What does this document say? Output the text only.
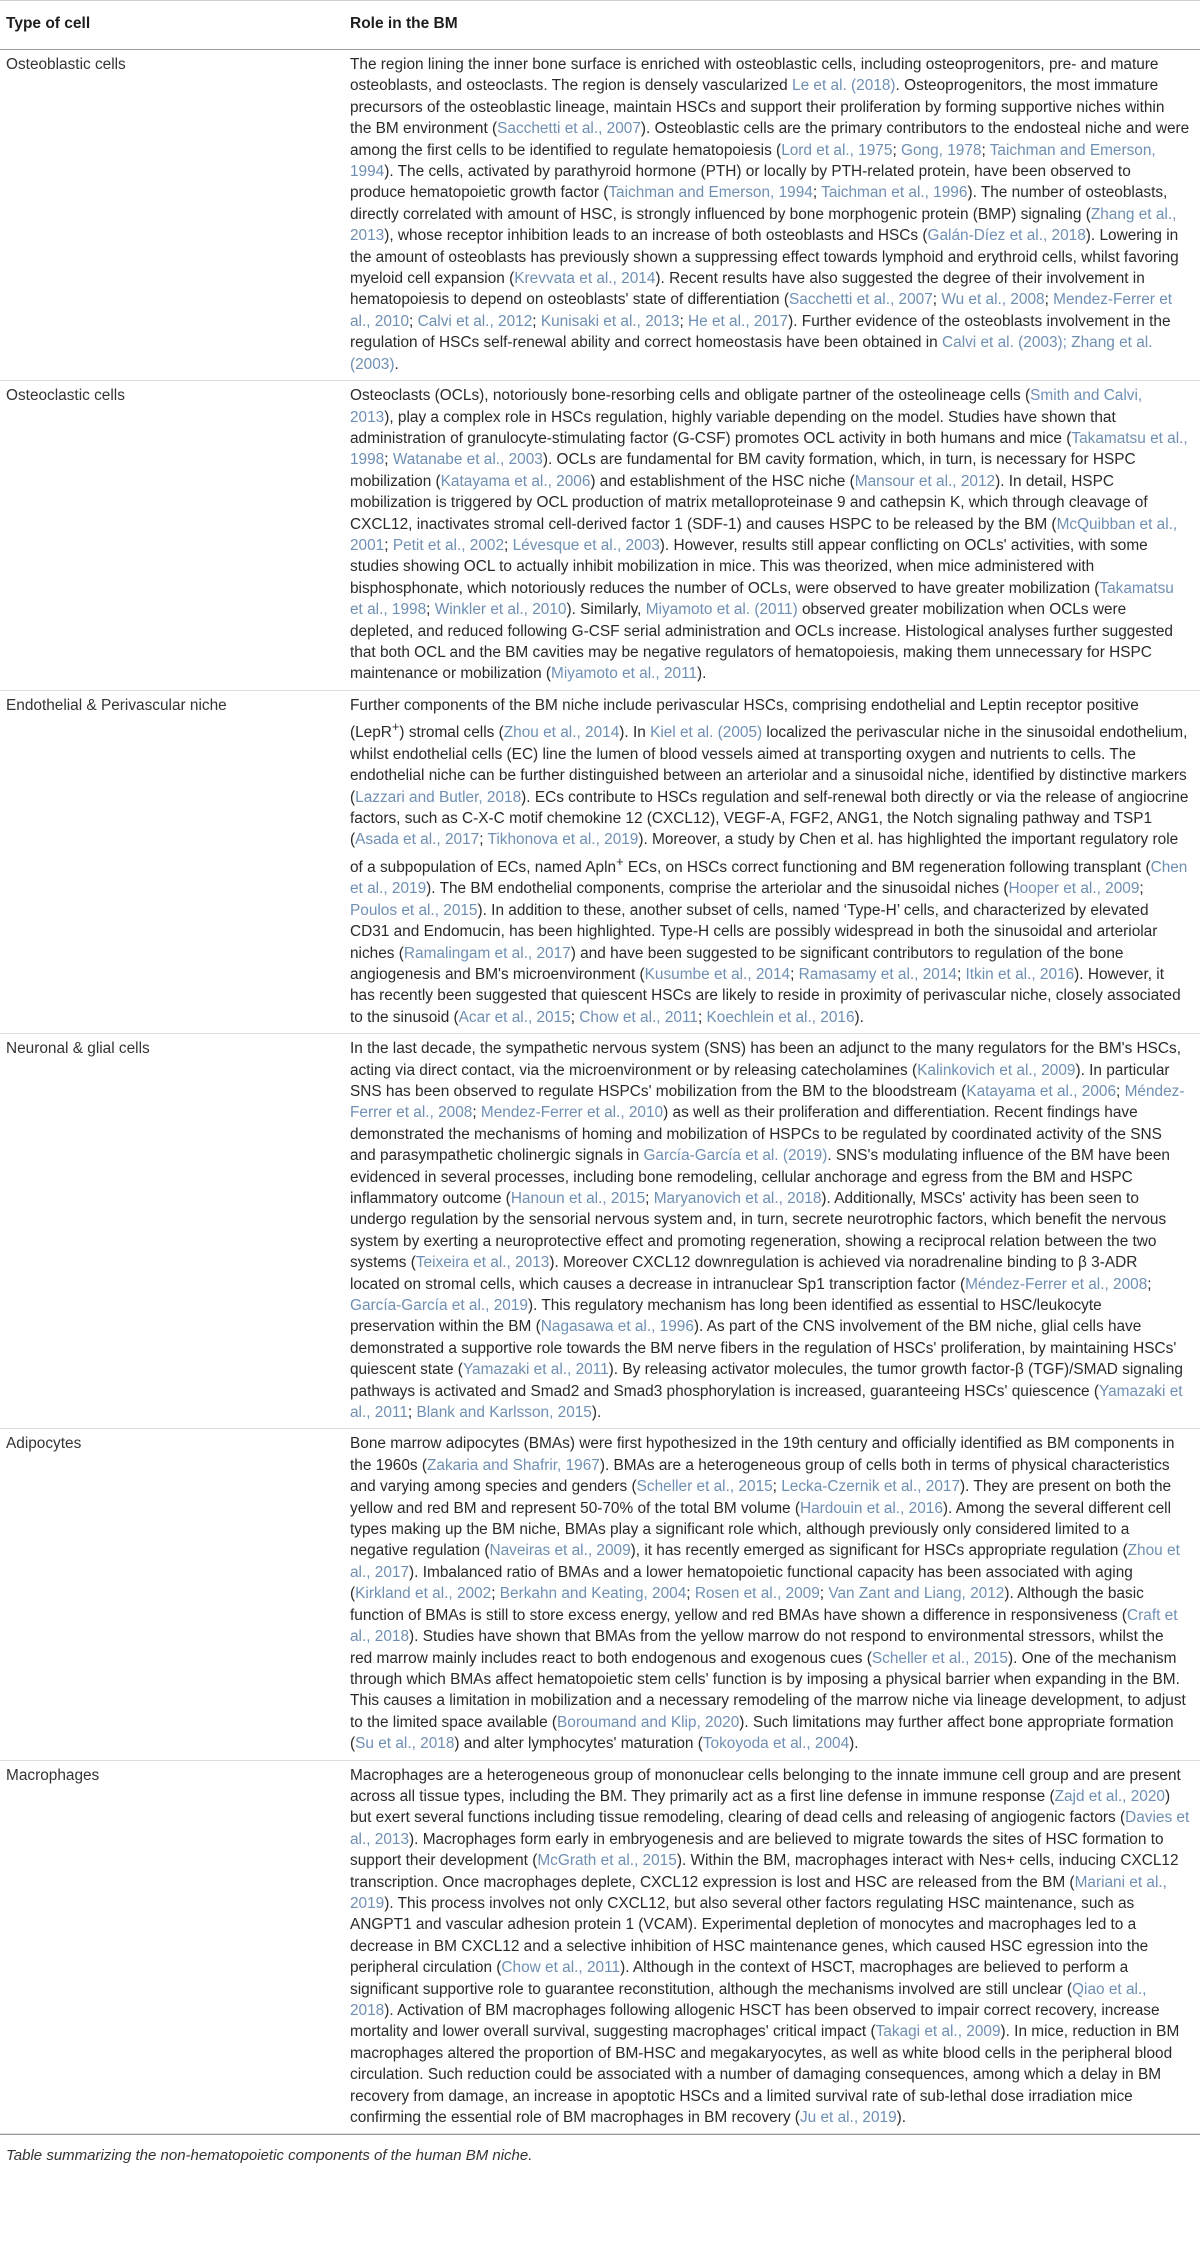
Type of cell	Role in the BM
Osteoblastic cells	The region lining the inner bone surface is enriched with osteoblastic cells, including osteoprogenitors, pre- and mature osteoblasts, and osteoclasts. The region is densely vascularized Le et al. (2018). Osteoprogenitors, the most immature precursors of the osteoblastic lineage, maintain HSCs and support their proliferation by forming supportive niches within the BM environment (Sacchetti et al., 2007). Osteoblastic cells are the primary contributors to the endosteal niche and were among the first cells to be identified to regulate hematopoiesis (Lord et al., 1975; Gong, 1978; Taichman and Emerson, 1994). The cells, activated by parathyroid hormone (PTH) or locally by PTH-related protein, have been observed to produce hematopoietic growth factor (Taichman and Emerson, 1994; Taichman et al., 1996). The number of osteoblasts, directly correlated with amount of HSC, is strongly influenced by bone morphogenic protein (BMP) signaling (Zhang et al., 2013), whose receptor inhibition leads to an increase of both osteoblasts and HSCs (Galán-Díez et al., 2018). Lowering in the amount of osteoblasts has previously shown a suppressing effect towards lymphoid and erythroid cells, whilst favoring myeloid cell expansion (Krevvata et al., 2014). Recent results have also suggested the degree of their involvement in hematopoiesis to depend on osteoblasts' state of differentiation (Sacchetti et al., 2007; Wu et al., 2008; Mendez-Ferrer et al., 2010; Calvi et al., 2012; Kunisaki et al., 2013; He et al., 2017). Further evidence of the osteoblasts involvement in the regulation of HSCs self-renewal ability and correct homeostasis have been obtained in Calvi et al. (2003); Zhang et al. (2003).
Osteoclastic cells	Osteoclasts (OCLs), notoriously bone-resorbing cells and obligate partner of the osteolineage cells (Smith and Calvi, 2013), play a complex role in HSCs regulation, highly variable depending on the model. Studies have shown that administration of granulocyte-stimulating factor (G-CSF) promotes OCL activity in both humans and mice (Takamatsu et al., 1998; Watanabe et al., 2003). OCLs are fundamental for BM cavity formation, which, in turn, is necessary for HSPC mobilization (Katayama et al., 2006) and establishment of the HSC niche (Mansour et al., 2012). In detail, HSPC mobilization is triggered by OCL production of matrix metalloproteinase 9 and cathepsin K, which through cleavage of CXCL12, inactivates stromal cell-derived factor 1 (SDF-1) and causes HSPC to be released by the BM (McQuibban et al., 2001; Petit et al., 2002; Lévesque et al., 2003). However, results still appear conflicting on OCLs' activities, with some studies showing OCL to actually inhibit mobilization in mice. This was theorized, when mice administered with bisphosphonate, which notoriously reduces the number of OCLs, were observed to have greater mobilization (Takamatsu et al., 1998; Winkler et al., 2010). Similarly, Miyamoto et al. (2011) observed greater mobilization when OCLs were depleted, and reduced following G-CSF serial administration and OCLs increase. Histological analyses further suggested that both OCL and the BM cavities may be negative regulators of hematopoiesis, making them unnecessary for HSPC maintenance or mobilization (Miyamoto et al., 2011).
Endothelial & Perivascular niche	Further components of the BM niche include perivascular HSCs, comprising endothelial and Leptin receptor positive (LepR+) stromal cells (Zhou et al., 2014). In Kiel et al. (2005) localized the perivascular niche in the sinusoidal endothelium, whilst endothelial cells (EC) line the lumen of blood vessels aimed at transporting oxygen and nutrients to cells. The endothelial niche can be further distinguished between an arteriolar and a sinusoidal niche, identified by distinctive markers (Lazzari and Butler, 2018). ECs contribute to HSCs regulation and self-renewal both directly or via the release of angiocrine factors, such as C-X-C motif chemokine 12 (CXCL12), VEGF-A, FGF2, ANG1, the Notch signaling pathway and TSP1 (Asada et al., 2017; Tikhonova et al., 2019). Moreover, a study by Chen et al. has highlighted the important regulatory role of a subpopulation of ECs, named Apln+ ECs, on HSCs correct functioning and BM regeneration following transplant (Chen et al., 2019). The BM endothelial components, comprise the arteriolar and the sinusoidal niches (Hooper et al., 2009; Poulos et al., 2015). In addition to these, another subset of cells, named ‘Type-H’ cells, and characterized by elevated CD31 and Endomucin, has been highlighted. Type-H cells are possibly widespread in both the sinusoidal and arteriolar niches (Ramalingam et al., 2017) and have been suggested to be significant contributors to regulation of the bone angiogenesis and BM's microenvironment (Kusumbe et al., 2014; Ramasamy et al., 2014; Itkin et al., 2016). However, it has recently been suggested that quiescent HSCs are likely to reside in proximity of perivascular niche, closely associated to the sinusoid (Acar et al., 2015; Chow et al., 2011; Koechlein et al., 2016).
Neuronal & glial cells	In the last decade, the sympathetic nervous system (SNS) has been an adjunct to the many regulators for the BM's HSCs, acting via direct contact, via the microenvironment or by releasing catecholamines (Kalinkovich et al., 2009). In particular SNS has been observed to regulate HSPCs' mobilization from the BM to the bloodstream (Katayama et al., 2006; Méndez-Ferrer et al., 2008; Mendez-Ferrer et al., 2010) as well as their proliferation and differentiation. Recent findings have demonstrated the mechanisms of homing and mobilization of HSPCs to be regulated by coordinated activity of the SNS and parasympathetic cholinergic signals in García-García et al. (2019). SNS's modulating influence of the BM have been evidenced in several processes, including bone remodeling, cellular anchorage and egress from the BM and HSPC inflammatory outcome (Hanoun et al., 2015; Maryanovich et al., 2018). Additionally, MSCs' activity has been seen to undergo regulation by the sensorial nervous system and, in turn, secrete neurotrophic factors, which benefit the nervous system by exerting a neuroprotective effect and promoting regeneration, showing a reciprocal relation between the two systems (Teixeira et al., 2013). Moreover CXCL12 downregulation is achieved via noradrenaline binding to β 3-ADR located on stromal cells, which causes a decrease in intranuclear Sp1 transcription factor (Méndez-Ferrer et al., 2008; García-García et al., 2019). This regulatory mechanism has long been identified as essential to HSC/leukocyte preservation within the BM (Nagasawa et al., 1996). As part of the CNS involvement of the BM niche, glial cells have demonstrated a supportive role towards the BM nerve fibers in the regulation of HSCs' proliferation, by maintaining HSCs' quiescent state (Yamazaki et al., 2011). By releasing activator molecules, the tumor growth factor-β (TGF)/SMAD signaling pathways is activated and Smad2 and Smad3 phosphorylation is increased, guaranteeing HSCs' quiescence (Yamazaki et al., 2011; Blank and Karlsson, 2015).
Adipocytes	Bone marrow adipocytes (BMAs) were first hypothesized in the 19th century and officially identified as BM components in the 1960s (Zakaria and Shafrir, 1967). BMAs are a heterogeneous group of cells both in terms of physical characteristics and varying among species and genders (Scheller et al., 2015; Lecka-Czernik et al., 2017). They are present on both the yellow and red BM and represent 50-70% of the total BM volume (Hardouin et al., 2016). Among the several different cell types making up the BM niche, BMAs play a significant role which, although previously only considered limited to a negative regulation (Naveiras et al., 2009), it has recently emerged as significant for HSCs appropriate regulation (Zhou et al., 2017). Imbalanced ratio of BMAs and a lower hematopoietic functional capacity has been associated with aging (Kirkland et al., 2002; Berkahn and Keating, 2004; Rosen et al., 2009; Van Zant and Liang, 2012). Although the basic function of BMAs is still to store excess energy, yellow and red BMAs have shown a difference in responsiveness (Craft et al., 2018). Studies have shown that BMAs from the yellow marrow do not respond to environmental stressors, whilst the red marrow mainly includes react to both endogenous and exogenous cues (Scheller et al., 2015). One of the mechanism through which BMAs affect hematopoietic stem cells' function is by imposing a physical barrier when expanding in the BM. This causes a limitation in mobilization and a necessary remodeling of the marrow niche via lineage development, to adjust to the limited space available (Boroumand and Klip, 2020). Such limitations may further affect bone appropriate formation (Su et al., 2018) and alter lymphocytes' maturation (Tokoyoda et al., 2004).
Macrophages	Macrophages are a heterogeneous group of mononuclear cells belonging to the innate immune cell group and are present across all tissue types, including the BM. They primarily act as a first line defense in immune response (Zajd et al., 2020) but exert several functions including tissue remodeling, clearing of dead cells and releasing of angiogenic factors (Davies et al., 2013). Macrophages form early in embryogenesis and are believed to migrate towards the sites of HSC formation to support their development (McGrath et al., 2015). Within the BM, macrophages interact with Nes+ cells, inducing CXCL12 transcription. Once macrophages deplete, CXCL12 expression is lost and HSC are released from the BM (Mariani et al., 2019). This process involves not only CXCL12, but also several other factors regulating HSC maintenance, such as ANGPT1 and vascular adhesion protein 1 (VCAM). Experimental depletion of monocytes and macrophages led to a decrease in BM CXCL12 and a selective inhibition of HSC maintenance genes, which caused HSC egression into the peripheral circulation (Chow et al., 2011). Although in the context of HSCT, macrophages are believed to perform a significant supportive role to guarantee reconstitution, although the mechanisms involved are still unclear (Qiao et al., 2018). Activation of BM macrophages following allogenic HSCT has been observed to impair correct recovery, increase mortality and lower overall survival, suggesting macrophages' critical impact (Takagi et al., 2009). In mice, reduction in BM macrophages altered the proportion of BM-HSC and megakaryocytes, as well as white blood cells in the peripheral blood circulation. Such reduction could be associated with a number of damaging consequences, among which a delay in BM recovery from damage, an increase in apoptotic HSCs and a limited survival rate of sub-lethal dose irradiation mice confirming the essential role of BM macrophages in BM recovery (Ju et al., 2019).
Table summarizing the non-hematopoietic components of the human BM niche.
